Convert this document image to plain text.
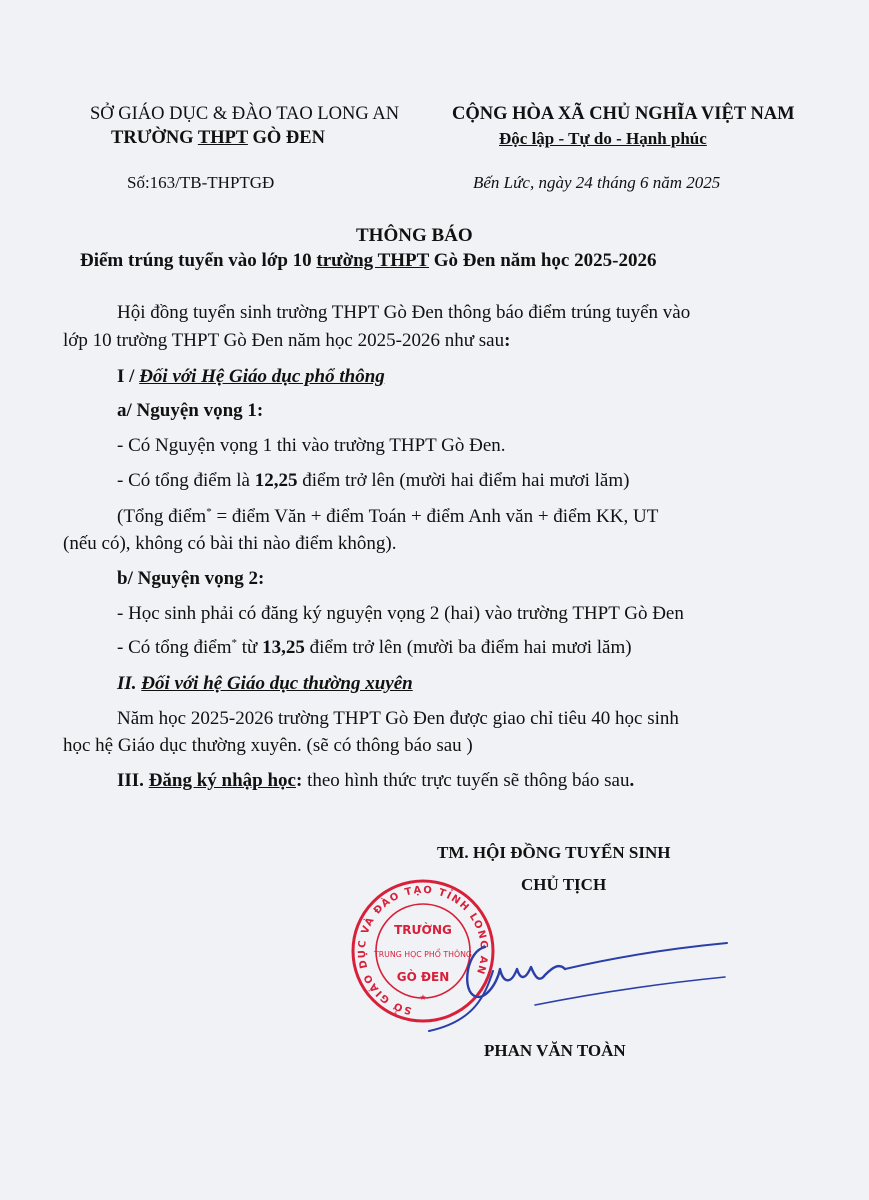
SỞ GIÁO DỤC & ĐÀO TAO LONG AN
TRƯỜNG THPT GÒ ĐEN
Số:163/TB-THPTGĐ
CỘNG HÒA XÃ CHỦ NGHĨA VIỆT NAM
Độc lập - Tự do - Hạnh phúc
Bến Lức, ngày 24 tháng 6 năm 2025
THÔNG BÁO
Điểm trúng tuyển vào lớp 10 trường THPT Gò Đen năm học 2025-2026
Hội đồng tuyển sinh trường THPT Gò Đen thông báo điểm trúng tuyển vào
lớp 10 trường THPT Gò Đen năm học 2025-2026 như sau:
I / Đối với Hệ Giáo dục phổ thông
a/ Nguyện vọng 1:
- Có Nguyện vọng 1 thi vào trường THPT Gò Đen.
- Có tổng điểm là 12,25 điểm trở lên (mười hai điểm hai mươi lăm)
(Tổng điểm* = điểm Văn + điểm Toán + điểm Anh văn + điểm KK, UT
(nếu có), không có bài thi nào điểm không).
b/ Nguyện vọng 2:
- Học sinh phải có đăng ký nguyện vọng 2 (hai) vào trường THPT Gò Đen
- Có tổng điểm* từ 13,25 điểm trở lên (mười ba điểm hai mươi lăm)
II. Đối với hệ Giáo dục thường xuyên
Năm học 2025-2026 trường THPT Gò Đen được giao chỉ tiêu 40 học sinh
học hệ Giáo dục thường xuyên. (sẽ có thông báo sau )
III. Đăng ký nhập học: theo hình thức trực tuyến sẽ thông báo sau.
TM. HỘI ĐỒNG TUYỂN SINH
CHỦ TỊCH
PHAN VĂN TOÀN
SỞ GIÁO DỤC VÀ ĐÀO TẠO TỈNH LONG AN
TRƯỜNG
TRUNG HỌC PHỔ THÔNG
GÒ ĐEN
★
